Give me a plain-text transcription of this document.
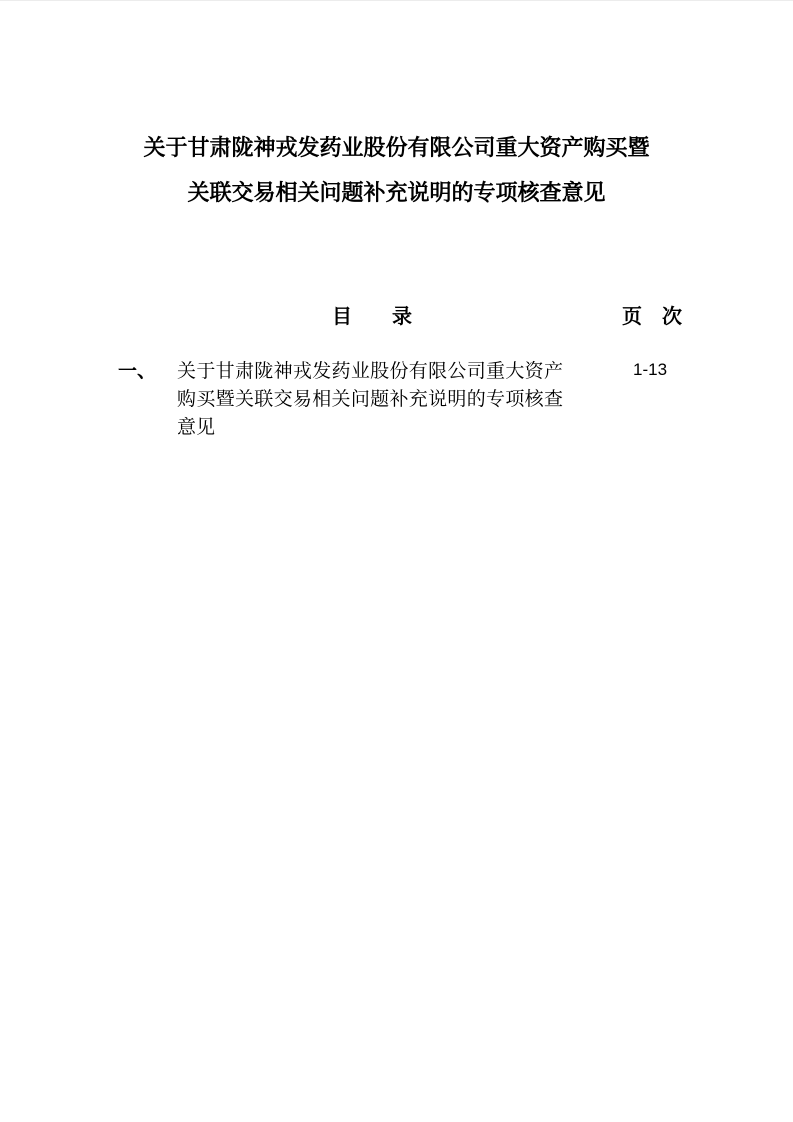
关于甘肃陇神戎发药业股份有限公司重大资产购买暨
关联交易相关问题补充说明的专项核查意见
目　　录	页　次
一、 关于甘肃陇神戎发药业股份有限公司重大资产购买暨关联交易相关问题补充说明的专项核查意见
1-13
